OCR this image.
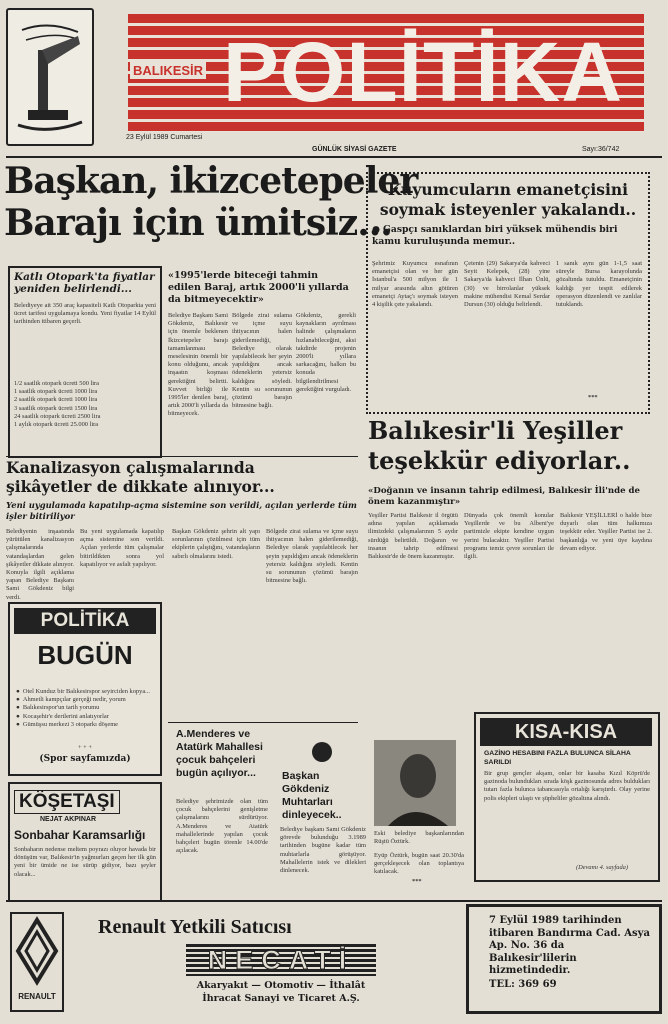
POLİTİKA
BALIKESİR
23 Eylül 1989 Cumartesi
GÜNLÜK SİYASİ GAZETE	Sayı:36/742
Başkan, ikizcetepeler
Barajı için ümitsiz...
Katlı Otopark'ta fiyatlar yeniden belirlendi...
Belediyeye ait 350 araç kapasiteli Katlı Otoparkta yeni ücret tarifesi uygulamaya kondu. Yeni fiyatlar 14 Eylül tarihinden itibaren geçerli.
1/2 saatlik otopark ücreti 500 lira
1 saatlik otopark ücreti 1000 lira
2 saatlik otopark ücreti 1000 lira
3 saatlik otopark ücreti 1500 lira
24 saatlik otopark ücreti 2500 lira
1 aylık otopark ücreti 25.000 lira
«1995'lerde biteceği tahmin edilen Baraj, artık 2000'li yıllarda da bitmeyecektir»
Belediye Başkanı Sami Gökdeniz, Balıkesir için önemle beklenen İkizcetepeler barajı tamamlanması meselesinin önemli bir konu olduğunu, ancak inşaatın koşması gerektiğini belirtti. Kuvvet birliği ile 1995'ler denilen baraj, artık 2000'li yıllarda da bitmeyecek.
Bölgede zirai sulama ve içme suyu ihtiyacının halen giderilemediği, Belediye olarak yapılabilecek her şeyin yapıldığını ancak ödeneklerin yetersiz kaldığını söyledi. Kentin su sorununun çözümü barajın bitmesine bağlı.
Gökdeniz, gerekli kaynakların ayrılması halinde çalışmaların hızlanabileceğini, aksi takdirde projenin 2000'li yıllara sarkacağını, halkın bu konuda bilgilendirilmesi gerektiğini vurguladı.
Kuyumcuların emanetçisini
soymak isteyenler yakalandı..
● Gaspçı sanıklardan biri yüksek mühendis biri kamu kuruluşunda memur..
Şehrimiz Kuyumcu esnafının emanetçisi olan ve her gün İstanbul'a 500 milyon ile 1 milyar arasında altın götüren emanetçi Aytaç'ı soymak isteyen 4 kişilik çete yakalandı.
Çetenin (29) Sakarya'da kahveci Seyit Kelepek, (28) yine Sakarya'da kahveci İlhan Ünlü, (30) ve birrolanlar yüksek makine mühendisi Kemal Serdar Dursun (30) olduğu belirlendi.
1 sanık aynı gün 1-1,5 saat süreyle Bursa karayolunda gözaltında tutuldu. Emanetçinin kaldığı yer tespit edilerek operasyon düzenlendi ve zanlılar tutuklandı.
***
Balıkesir'li Yeşiller
teşekkür ediyorlar..
«Doğanın ve insanın tahrip edilmesi, Balıkesir İli'nde de önem kazanmıştır»
Yeşiller Partisi Balıkesir il örgütü adına yapılan açıklamada ilimizdeki çalışmalarının 5 aydır sürdüğü belirtildi. Doğanın ve insanın tahrip edilmesi Balıkesir'de de önem kazanmıştır.
Dünyada çok önemli konular Yeşillerde ve bu Albeni'ye partimizle ekipte kendine uygun yerini bulacaktır. Yeşiller Partisi programı temiz çevre sorunları ile ilgili.
Balıkesir YEŞİLLERİ o halde bize duyarlı olan tüm halkımıza teşekkür eder. Yeşiller Partisi ise 2. başkanlığa ve yeni üye kaydına devam ediyor.
Kanalizasyon çalışmalarında
şikâyetler de dikkate alınıyor...
Yeni uygulamada kapatılıp-açma sistemine son verildi, açılan yerlerde tüm işler bitiriliyor
Belediyenin inşaatında yürütülen kanalizasyon çalışmalarında vatandaşlardan gelen şikâyetler dikkate alınıyor. Konuyla ilgili açıklama yapan Belediye Başkanı Sami Gökdeniz bilgi verdi.
Bu yeni uygulamada kapatılıp açma sistemine son verildi. Açılan yerlerde tüm çalışmalar bitirildikten sonra yol kapatılıyor ve asfalt yapılıyor.
Başkan Gökdeniz şehrin alt yapı sorunlarının çözülmesi için tüm ekiplerin çalıştığını, vatandaşların sabırlı olmalarını istedi.
Bölgede zirai sulama ve içme suyu ihtiyacının halen giderilemediği, Belediye olarak yapılabilecek her şeyin yapıldığını ancak ödeneklerin yetersiz kaldığını söyledi. Kentin su sorununun çözümü barajın bitmesine bağlı.
POLİTİKA
BUGÜN
● Otel Kunduz bir Balıkesirspor seyirciden kopya...
● Ahmetli kampçılar gerçeği nedir, yorum
● Balıkesirspor'un tarih yorumu
● Kocaşehir'e dertlerini anlatıyorlar
● Gümüşsu merkezi 3 otoparkı döşeme
+ + +
(Spor sayfamızda)
KÖŞETAŞI
NEJAT AKPINAR
Sonbahar Karamsarlığı
Sonbaharın nedense meltem poyrazı oluyor havada bir dönüşüm var, Balıkesir'in yağmurları geçen her ilk gün yeni bir ümide ne ise sürüp gidiyor, bazı şeyler olacak...
A.Menderes ve Atatürk Mahallesi çocuk bahçeleri bugün açılıyor...
Belediye şehrimizde olan tüm çocuk bahçelerini genişletme çalışmalarını sürdürüyor. A.Menderes ve Atatürk mahallelerinde yapılan çocuk bahçeleri bugün törenle 14.00'de açılacak.
Başkan Gökdeniz Muhtarları dinleyecek..
Belediye başkanı Sami Gökdeniz görevde bulunduğu 3.1989 tarihinden bugüne kadar tüm muhtarlarla görüşüyor. Mahallelerin istek ve dilekleri dinlenecek.
Eski belediye başkanlarından Rüştü Öztürk.
Eyüp Öztürk, bugün saat 20.30'da gerçekleşecek olan toplantıya katılacak.
***
KISA-KISA
GAZİNO HESABINI FAZLA BULUNCA SİLAHA SARILDI
Bir grup gençler akşam, onlar bir kasaba Kızıl Köprü'de gazinoda bulundukları sırada köşk gazinosunda adres buldukları tutarı fazla bulunca tabancasıyla ortalığı karıştırdı. Olay yerine polis ekipleri ulaştı ve şüpheliler gözaltına alındı.
(Devamı 4. sayfada)
RENAULT
Renault Yetkili Satıcısı
NECATİ
Akaryakıt — Otomotiv — İthalât
İhracat Sanayi ve Ticaret A.Ş.
7 Eylül 1989 tarihinden itibaren Bandırma Cad. Asya Ap. No. 36 da Balıkesir'lilerin hizmetindedir.
TEL: 369 69
